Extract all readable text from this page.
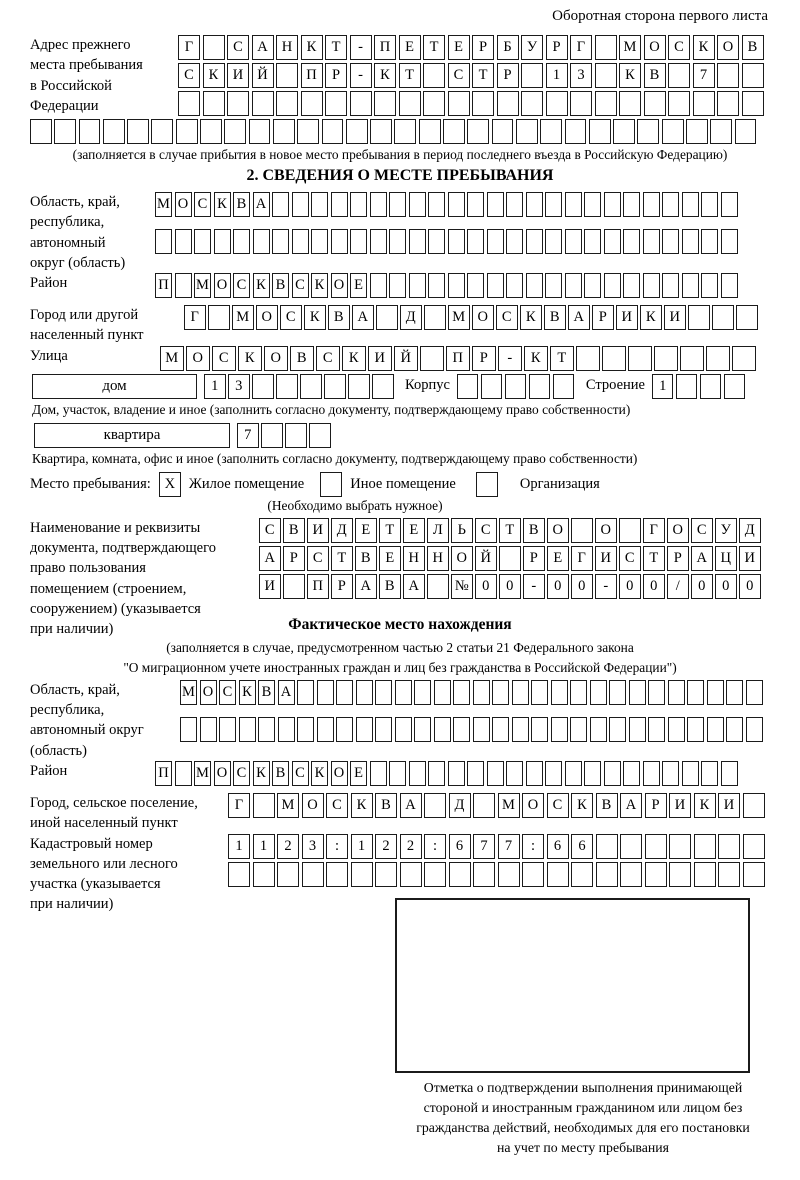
Оборотная сторона первого листа
Адрес прежнего
места пребывания
в Российской
Федерации
Г	С А Н К	Т	-	П	Е	Т	Е	Р	Б	У	Р	Г	М О С	К О В
С	К И Й	П	Р	-	К	Т	С	Т	Р	1	3	К	В	7
(заполняется в случае прибытия в новое место пребывания в период последнего въезда в Российскую Федерацию)
2. СВЕДЕНИЯ О МЕСТЕ ПРЕБЫВАНИЯ
Область, край,
республика,
автономный
округ (область)
М О С К В А
Район	П М О С К В С К О Е
Город или другой
населенный пункт
Г	М О С К В А	Д	М О С К В А	Р	И К И
Улица	М О	С	К	О	В	С	К	И	Й	П	Р	-	К	Т
дом	1	3	Корпус	Строение 1
Дом, участок, владение и иное (заполнить согласно документу, подтверждающему право собственности)
квартира	7
Квартира, комната, офис и иное (заполнить согласно документу, подтверждающему право собственности)
Место пребывания: X Жилое помещение	Иное помещение	Организация
(Необходимо выбрать нужное)
Наименование и реквизиты
документа, подтверждающего
право пользования
помещением (строением,
сооружением) (указывается
при наличии)
С В И Д	Е	Т	Е	Л	Ь	С	Т	В О	О	Г	О С У Д
А	Р	С	Т	В	Е Н Н О Й	Р	Е	Г	И С	Т	Р	А Ц И
И	П	Р	А В А	№ 0	0	-	0	0	-	0	0	/	0	0	0
Фактическое место нахождения
(заполняется в случае, предусмотренном частью 2 статьи 21 Федерального закона
"О миграционном учете иностранных граждан и лиц без гражданства в Российской Федерации")
Область, край,
республика,
автономный округ
(область)
М О С К В А
Район	П М О С К В С К О Е
Город, сельское поселение,
иной населенный пункт
Г	М О С	К	В А	Д	М О С	К	В А	Р	И К И
Кадастровый номер
земельного или лесного
участка (указывается
при наличии)
1	1	2	3	:	1	2	2	:	6	7	7	:	6	6
Отметка о подтверждении выполнения принимающей
стороной и иностранным гражданином или лицом без
гражданства действий, необходимых для его постановки
на учет по месту пребывания
